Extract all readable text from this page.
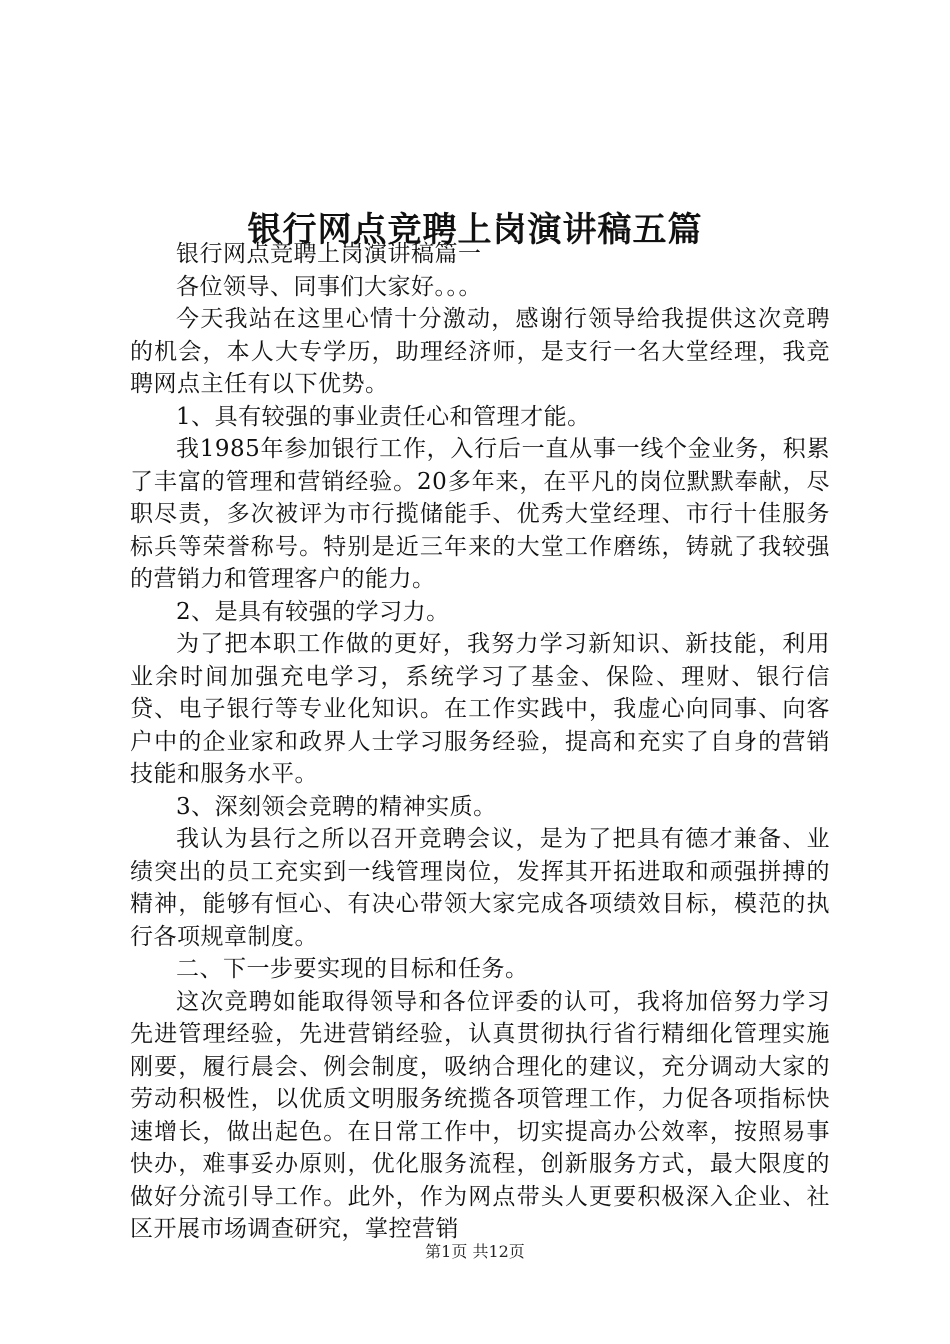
银行网点竞聘上岗演讲稿五篇

银行网点竞聘上岗演讲稿篇一

各位领导、同事们大家好。。。

今天我站在这里心情十分激动，感谢行领导给我提供这次竞聘的机会，本人大专学历，助理经济师，是支行一名大堂经理，我竞聘网点主任有以下优势。

1、具有较强的事业责任心和管理才能。

我1985年参加银行工作，入行后一直从事一线个金业务，积累了丰富的管理和营销经验。20多年来，在平凡的岗位默默奉献，尽职尽责，多次被评为市行揽储能手、优秀大堂经理、市行十佳服务标兵等荣誉称号。特别是近三年来的大堂工作磨练，铸就了我较强的营销力和管理客户的能力。

2、是具有较强的学习力。

为了把本职工作做的更好，我努力学习新知识、新技能，利用业余时间加强充电学习，系统学习了基金、保险、理财、银行信贷、电子银行等专业化知识。在工作实践中，我虚心向同事、向客户中的企业家和政界人士学习服务经验，提高和充实了自身的营销技能和服务水平。

3、深刻领会竞聘的精神实质。

我认为县行之所以召开竞聘会议，是为了把具有德才兼备、业绩突出的员工充实到一线管理岗位，发挥其开拓进取和顽强拼搏的精神，能够有恒心、有决心带领大家完成各项绩效目标，模范的执行各项规章制度。

二、下一步要实现的目标和任务。

这次竞聘如能取得领导和各位评委的认可，我将加倍努力学习先进管理经验，先进营销经验，认真贯彻执行省行精细化管理实施刚要，履行晨会、例会制度，吸纳合理化的建议，充分调动大家的劳动积极性，以优质文明服务统揽各项管理工作，力促各项指标快速增长，做出起色。在日常工作中，切实提高办公效率，按照易事快办，难事妥办原则，优化服务流程，创新服务方式，最大限度的做好分流引导工作。此外，作为网点带头人更要积极深入企业、社区开展市场调查研究，掌控营销

第1页 共12页
